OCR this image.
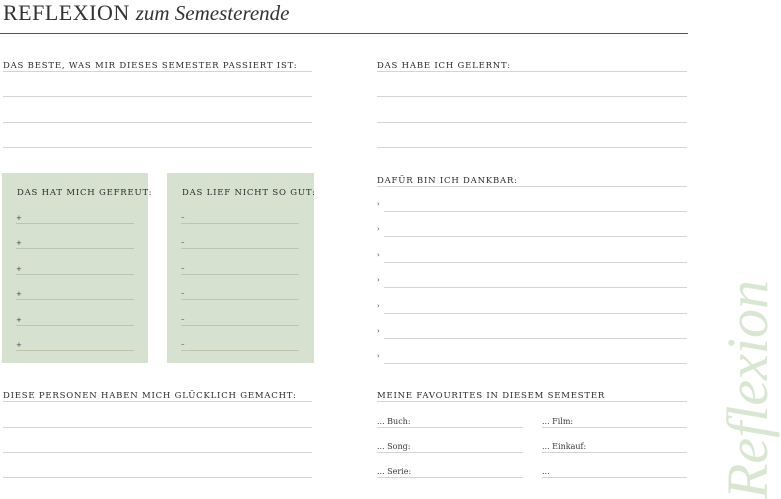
REFLEXION zum Semesterende
DAS BESTE, WAS MIR DIESES SEMESTER PASSIERT IST:	DAS HABE ICH GELERNT:
DAS HAT MICH GEFREUT:
+
+
+
+
+
+
DAS LIEF NICHT SO GUT:
–
–
–
–
–
–
DAFÜR BIN ICH DANKBAR:
›
›
›
›
›
›
›
DIESE PERSONEN HABEN MICH GLÜCKLICH GEMACHT:	MEINE FAVOURITES IN DIESEM SEMESTER
... Buch:	... Film:
... Song:	... Einkauf:
... Serie:	...	Reflexion
